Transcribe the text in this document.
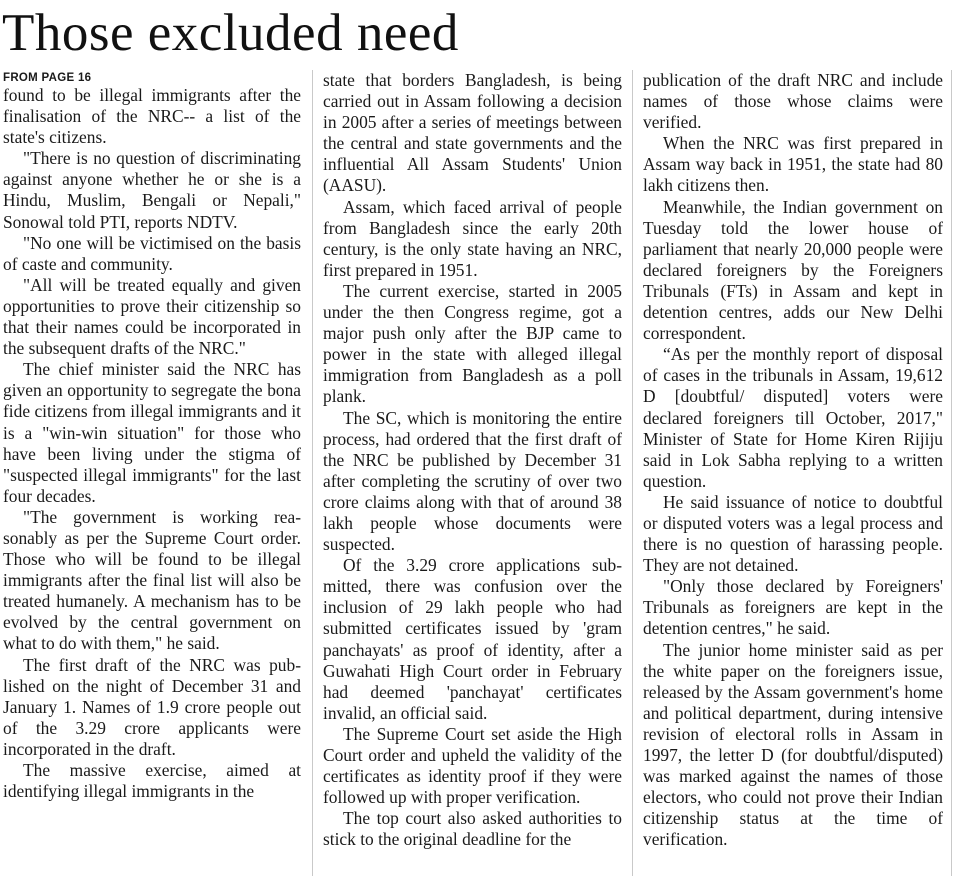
Those excluded need
FROM PAGE 16

found to be illegal immigrants after the finalisation of the NRC-- a list of the state's citizens.

"There is no question of discriminating against anyone whether he or she is a Hindu, Muslim, Bengali or Nepali," Sonowal told PTI, reports NDTV.

"No one will be victimised on the basis of caste and community.

"All will be treated equally and given opportunities to prove their citizenship so that their names could be incorporated in the subsequent drafts of the NRC."

The chief minister said the NRC has given an opportunity to segregate the bona fide citizens from illegal immigrants and it is a "win-win situation" for those who have been living under the stigma of "suspected illegal immigrants" for the last four decades.

"The government is working reasonably as per the Supreme Court order. Those who will be found to be illegal immigrants after the final list will also be treated humanely. A mechanism has to be evolved by the central government on what to do with them," he said.

The first draft of the NRC was published on the night of December 31 and January 1. Names of 1.9 crore people out of the 3.29 crore applicants were incorporated in the draft.

The massive exercise, aimed at identifying illegal immigrants in the

state that borders Bangladesh, is being carried out in Assam following a decision in 2005 after a series of meetings between the central and state governments and the influential All Assam Students' Union (AASU).

Assam, which faced arrival of people from Bangladesh since the early 20th century, is the only state having an NRC, first prepared in 1951.

The current exercise, started in 2005 under the then Congress regime, got a major push only after the BJP came to power in the state with alleged illegal immigration from Bangladesh as a poll plank.

The SC, which is monitoring the entire process, had ordered that the first draft of the NRC be published by December 31 after completing the scrutiny of over two crore claims along with that of around 38 lakh people whose documents were suspected.

Of the 3.29 crore applications submitted, there was confusion over the inclusion of 29 lakh people who had submitted certificates issued by 'gram panchayats' as proof of identity, after a Guwahati High Court order in February had deemed 'panchayat' certificates invalid, an official said.

The Supreme Court set aside the High Court order and upheld the validity of the certificates as identity proof if they were followed up with proper verification.

The top court also asked authorities to stick to the original deadline for the

publication of the draft NRC and include names of those whose claims were verified.

When the NRC was first prepared in Assam way back in 1951, the state had 80 lakh citizens then.

Meanwhile, the Indian government on Tuesday told the lower house of parliament that nearly 20,000 people were declared foreigners by the Foreigners Tribunals (FTs) in Assam and kept in detention centres, adds our New Delhi correspondent.

“As per the monthly report of disposal of cases in the tribunals in Assam, 19,612 D [doubtful/ disputed] voters were declared foreigners till October, 2017," Minister of State for Home Kiren Rijiju said in Lok Sabha replying to a written question.

He said issuance of notice to doubtful or disputed voters was a legal process and there is no question of harassing people. They are not detained.

"Only those declared by Foreigners' Tribunals as foreigners are kept in the detention centres," he said.

The junior home minister said as per the white paper on the foreigners issue, released by the Assam government's home and political department, during intensive revision of electoral rolls in Assam in 1997, the letter D (for doubtful/disputed) was marked against the names of those electors, who could not prove their Indian citizenship status at the time of verification.
